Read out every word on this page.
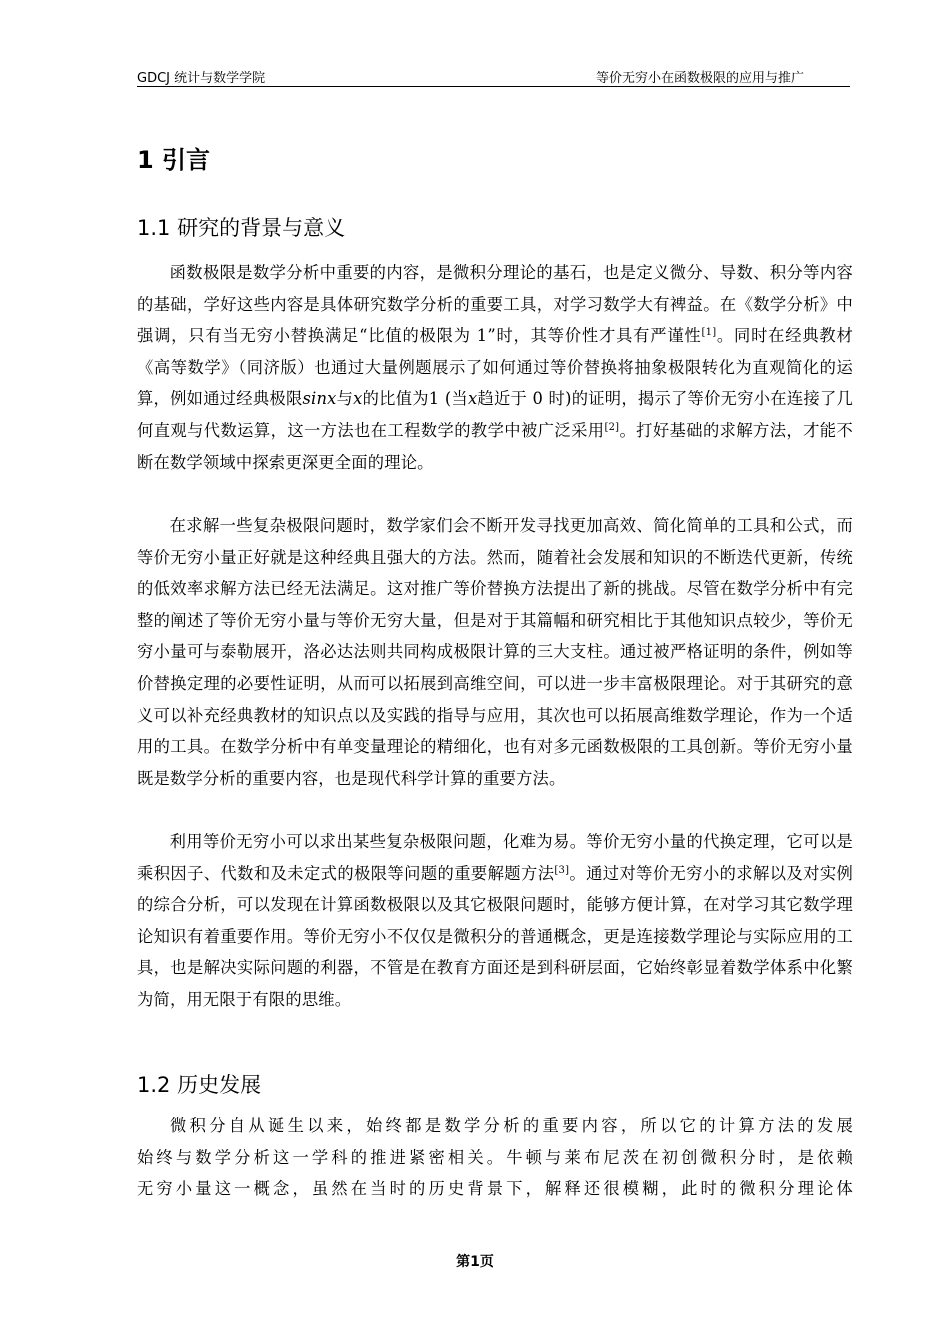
GDCJ 统计与数学学院	等价无穷小在函数极限的应用与推广
1 引言
1.1 研究的背景与意义

函数极限是数学分析中重要的内容，是微积分理论的基石，也是定义微分、导数、积分等内容的基础，学好这些内容是具体研究数学分析的重要工具，对学习数学大有裨益。在《数学分析》中强调，只有当无穷小替换满足“比值的极限为 1”时，其等价性才具有严谨性[1]。同时在经典教材《高等数学》（同济版）也通过大量例题展示了如何通过等价替换将抽象极限转化为直观简化的运算，例如通过经典极限sinx与x的比值为1 (当x趋近于 0 时)的证明，揭示了等价无穷小在连接了几何直观与代数运算，这一方法也在工程数学的教学中被广泛采用[2]。打好基础的求解方法，才能不断在数学领域中探索更深更全面的理论。

在求解一些复杂极限问题时，数学家们会不断开发寻找更加高效、简化简单的工具和公式，而等价无穷小量正好就是这种经典且强大的方法。然而，随着社会发展和知识的不断迭代更新，传统的低效率求解方法已经无法满足。这对推广等价替换方法提出了新的挑战。尽管在数学分析中有完整的阐述了等价无穷小量与等价无穷大量，但是对于其篇幅和研究相比于其他知识点较少，等价无穷小量可与泰勒展开，洛必达法则共同构成极限计算的三大支柱。通过被严格证明的条件，例如等价替换定理的必要性证明，从而可以拓展到高维空间，可以进一步丰富极限理论。对于其研究的意义可以补充经典教材的知识点以及实践的指导与应用，其次也可以拓展高维数学理论，作为一个适用的工具。在数学分析中有单变量理论的精细化，也有对多元函数极限的工具创新。等价无穷小量既是数学分析的重要内容，也是现代科学计算的重要方法。

利用等价无穷小可以求出某些复杂极限问题，化难为易。等价无穷小量的代换定理，它可以是乘积因子、代数和及未定式的极限等问题的重要解题方法[3]。通过对等价无穷小的求解以及对实例的综合分析，可以发现在计算函数极限以及其它极限问题时，能够方便计算，在对学习其它数学理论知识有着重要作用。等价无穷小不仅仅是微积分的普通概念，更是连接数学理论与实际应用的工具，也是解决实际问题的利器，不管是在教育方面还是到科研层面，它始终彰显着数学体系中化繁为简，用无限于有限的思维。

1.2 历史发展
微积分自从诞生以来，始终都是数学分析的重要内容，所以它的计算方法的发展
始终与数学分析这一学科的推进紧密相关。牛顿与莱布尼茨在初创微积分时，是依赖
无穷小量这一概念，虽然在当时的历史背景下，解释还很模糊，此时的微积分理论体
第1页
